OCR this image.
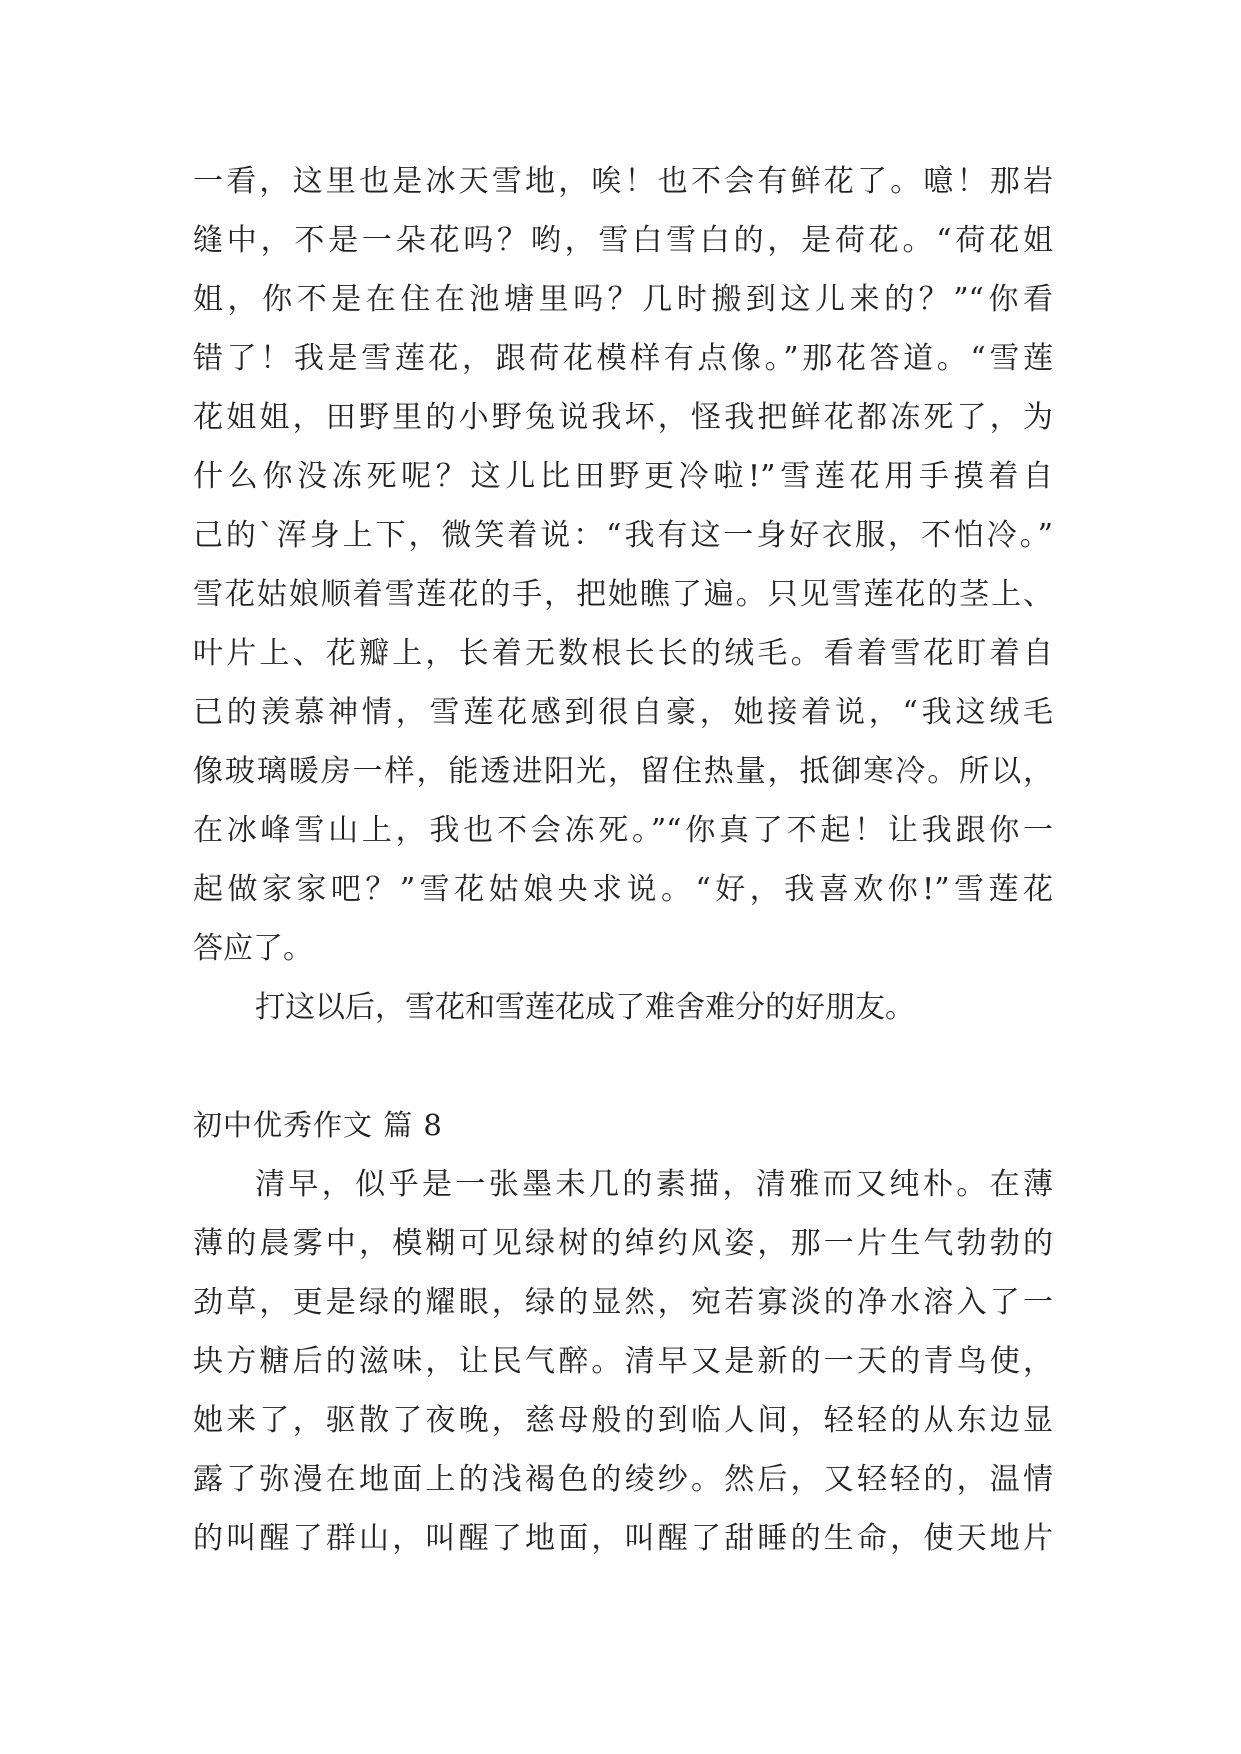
一看，这里也是冰天雪地，唉！也不会有鲜花了。噫！那岩
缝中，不是一朵花吗？哟，雪白雪白的，是荷花。“荷花姐
姐，你不是在住在池塘里吗？几时搬到这儿来的？”“你看
错了！我是雪莲花，跟荷花模样有点像。”那花答道。“雪莲
花姐姐，田野里的小野兔说我坏，怪我把鲜花都冻死了，为
什么你没冻死呢？这儿比田野更冷啦!”雪莲花用手摸着自
己的`浑身上下，微笑着说：“我有这一身好衣服，不怕冷。”
雪花姑娘顺着雪莲花的手，把她瞧了遍。只见雪莲花的茎上、
叶片上、花瓣上，长着无数根长长的绒毛。看着雪花盯着自
已的羡慕神情，雪莲花感到很自豪，她接着说，“我这绒毛
像玻璃暖房一样，能透进阳光，留住热量，抵御寒冷。所以，
在冰峰雪山上，我也不会冻死。”“你真了不起！让我跟你一
起做家家吧？”雪花姑娘央求说。“好，我喜欢你!”雪莲花
答应了。
打这以后，雪花和雪莲花成了难舍难分的好朋友。
初中优秀作文 篇 8
清早，似乎是一张墨未几的素描，清雅而又纯朴。在薄
薄的晨雾中，模糊可见绿树的绰约风姿，那一片生气勃勃的
劲草，更是绿的耀眼，绿的显然，宛若寡淡的净水溶入了一
块方糖后的滋味，让民气醉。清早又是新的一天的青鸟使，
她来了，驱散了夜晚，慈母般的到临人间，轻轻的从东边显
露了弥漫在地面上的浅褐色的绫纱。然后，又轻轻的，温情
的叫醒了群山，叫醒了地面，叫醒了甜睡的生命，使天地片
